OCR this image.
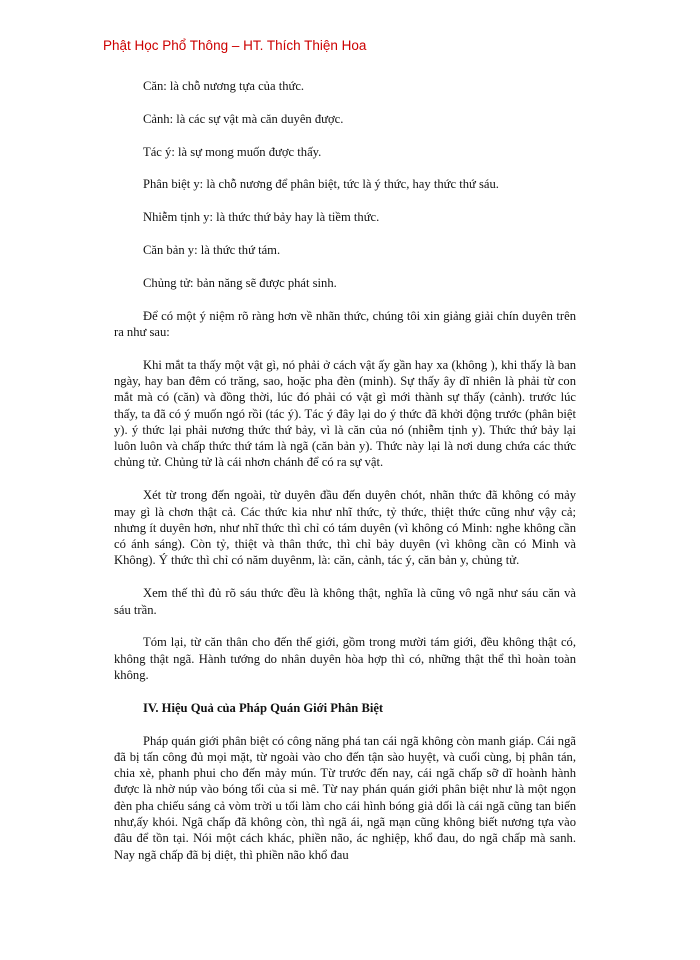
Phật Học Phổ Thông – HT. Thích Thiện Hoa

Căn: là chỗ nương tựa của thức.

Cảnh: là các sự vật mà căn duyên được.

Tác ý: là sự mong muốn được thấy.

Phân biệt y: là chỗ nương để phân biệt, tức là ý thức, hay thức thứ sáu.

Nhiễm tịnh y: là thức thứ bảy hay là tiềm thức.

Căn bản y: là thức thứ tám.

Chủng tử: bản năng sẽ được phát sinh.

Để có một ý niệm rõ ràng hơn về nhãn thức, chúng tôi xin giảng giải chín duyên trên ra như sau:

Khi mắt ta thấy một vật gì, nó phải ở cách vật ấy gần hay xa (không ), khi thấy là ban ngày, hay ban đêm có trăng, sao, hoặc pha đèn (minh). Sự thấy ây dĩ nhiên là phải từ con mắt mà có (căn) và đồng thời, lúc đó phải có vật gì mới thành sự thấy (cảnh). trước lúc thấy, ta đã có ý muốn ngó rồi (tác ý). Tác ý đây lại do ý thức đã khởi động trước (phân biệt y). ý thức lại phải nương thức thứ bảy, vì là căn của nó (nhiễm tịnh y). Thức thứ bảy lại luôn luôn và chấp thức thứ tám là ngã (căn bản y). Thức này lại là nơi dung chứa các thức chủng tử. Chủng tử là cái nhơn chánh để có ra sự vật.

Xét từ trong đến ngoài, từ duyên đầu đến duyên chót, nhãn thức đã không có mảy may gì là chơn thật cả. Các thức kia như nhĩ thức, tỷ thức, thiệt thức cũng như vậy cả; nhưng ít duyên hơn, như nhĩ thức thì chỉ có tám duyên (vì không có Minh: nghe không cần có ánh sáng). Còn tỷ, thiệt và thân thức, thì chỉ bảy duyên (vì không cần có Minh và Không). Ý thức thì chỉ có năm duyênm, là: căn, cảnh, tác ý, căn bản y, chủng tử.

Xem thế thì đủ rõ sáu thức đều là không thật, nghĩa là cũng vô ngã như sáu căn và sáu trần.

Tóm lại, từ căn thân cho đến thế giới, gồm trong mười tám giới, đều không thật có, không thật ngã. Hành tướng do nhân duyên hòa hợp thì có, những thật thể thì hoàn toàn không.

IV. Hiệu Quả của Pháp Quán Giới Phân Biệt

Pháp quán giới phân biệt có công năng phá tan cái ngã không còn manh giáp. Cái ngã đã bị tấn công đủ mọi mặt, từ ngoài vào cho đến tận sào huyệt, và cuối cùng, bị phân tán, chia xẻ, phanh phui cho đến mảy mún. Từ trước đến nay, cái ngã chấp sỡ dĩ hoành hành được là nhờ núp vào bóng tối của si mê. Từ nay phán quán giới phân biệt như là một ngọn đèn pha chiếu sáng cả vòm trời u tối làm cho cái hình bóng giả dối là cái ngã cũng tan biến như,ấy khói. Ngã chấp đã không còn, thì ngã ái, ngã mạn cũng không biết nương tựa vào đâu để tồn tại. Nói một cách khác, phiền não, ác nghiệp, khổ đau, do ngã chấp mà sanh. Nay ngã chấp đã bị diệt, thì phiền não khổ đau
